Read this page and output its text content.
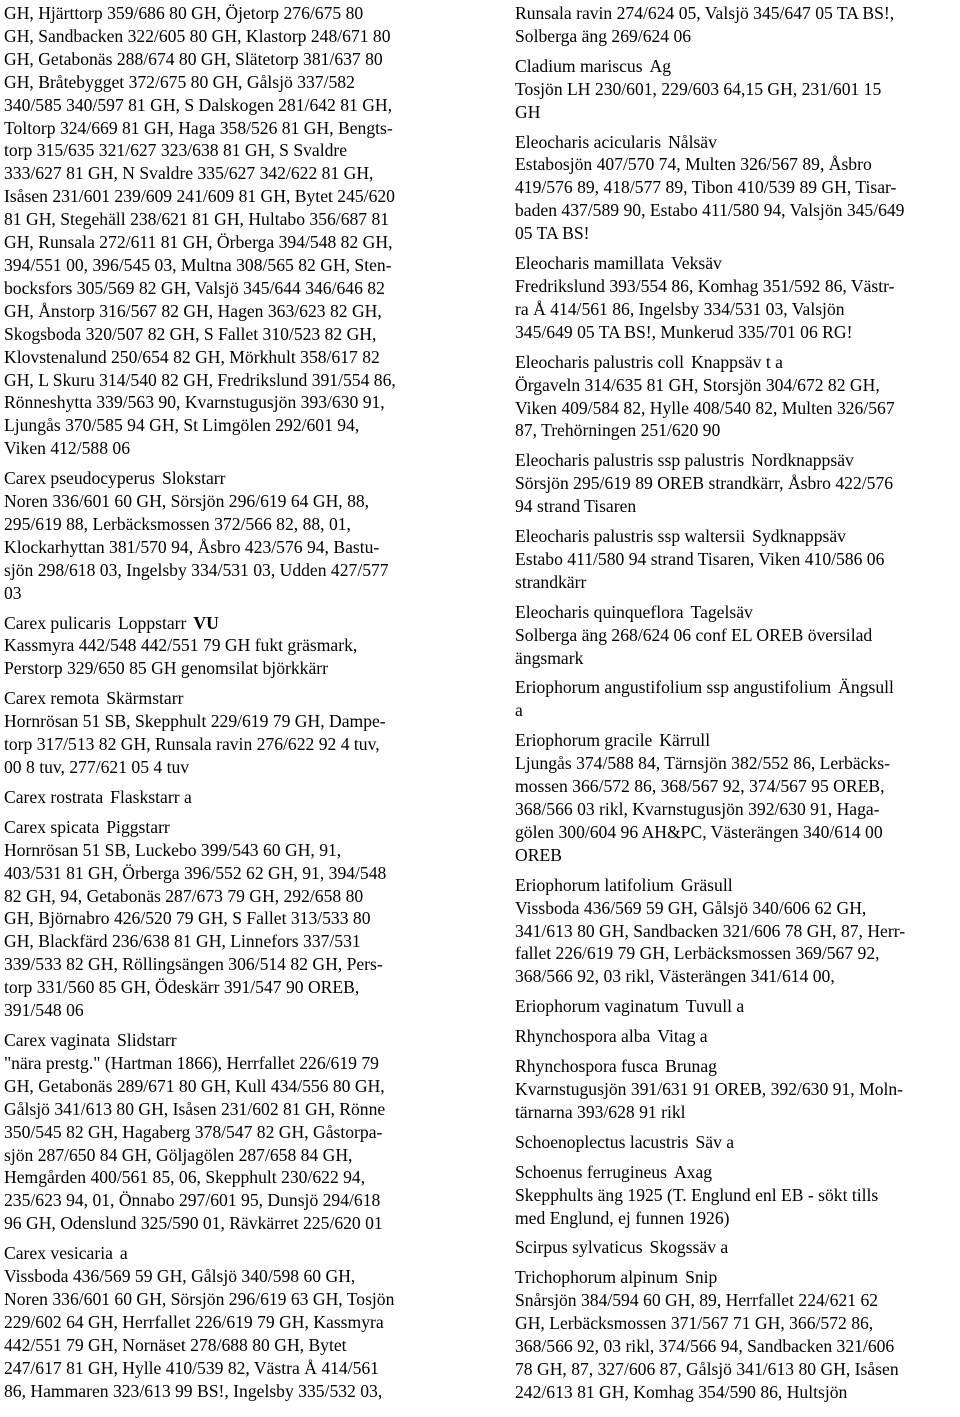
GH, Hjärttorp 359/686 80 GH, Öjetorp 276/675 80
GH, Sandbacken 322/605 80 GH, Klastorp 248/671 80
GH, Getabonäs 288/674 80 GH, Slätetorp 381/637 80
GH, Bråtebygget 372/675 80 GH, Gålsjö 337/582
340/585 340/597 81 GH, S Dalskogen 281/642 81 GH,
Toltorp 324/669 81 GH, Haga 358/526 81 GH, Bengts-
torp 315/635 321/627 323/638 81 GH, S Svaldre
333/627 81 GH, N Svaldre 335/627 342/622 81 GH,
Isåsen 231/601 239/609 241/609 81 GH, Bytet 245/620
81 GH, Stegehäll 238/621 81 GH, Hultabo 356/687 81
GH, Runsala 272/611 81 GH, Örberga 394/548 82 GH,
394/551 00, 396/545 03, Multna 308/565 82 GH, Sten-
bocksfors 305/569 82 GH, Valsjö 345/644 346/646 82
GH, Ånstorp 316/567 82 GH, Hagen 363/623 82 GH,
Skogsboda 320/507 82 GH, S Fallet 310/523 82 GH,
Klovstenalund 250/654 82 GH, Mörkhult 358/617 82
GH, L Skuru 314/540 82 GH, Fredrikslund 391/554 86,
Rönneshytta 339/563 90, Kvarnstugusjön 393/630 91,
Ljungås 370/585 94 GH, St Limgölen 292/601 94,
Viken 412/588 06
Carex pseudocyperus Slokstarr
Noren 336/601 60 GH, Sörsjön 296/619 64 GH, 88,
295/619 88, Lerbäcksmossen 372/566 82, 88, 01,
Klockarhyttan 381/570 94, Åsbro 423/576 94, Bastu-
sjön 298/618 03, Ingelsby 334/531 03, Udden 427/577
03
Carex pulicaris Loppstarr VU
Kassmyra 442/548 442/551 79 GH fukt gräsmark,
Perstorp 329/650 85 GH genomsilat björkkärr
Carex remota Skärmstarr
Hornrösan 51 SB, Skepphult 229/619 79 GH, Dampe-
torp 317/513 82 GH, Runsala ravin 276/622 92 4 tuv,
00 8 tuv, 277/621 05 4 tuv
Carex rostrata Flaskstarr a
Carex spicata Piggstarr
Hornrösan 51 SB, Luckebo 399/543 60 GH, 91,
403/531 81 GH, Örberga 396/552 62 GH, 91, 394/548
82 GH, 94, Getabonäs 287/673 79 GH, 292/658 80
GH, Björnabro 426/520 79 GH, S Fallet 313/533 80
GH, Blackfärd 236/638 81 GH, Linnefors 337/531
339/533 82 GH, Röllingsängen 306/514 82 GH, Pers-
torp 331/560 85 GH, Ödeskärr 391/547 90 OREB,
391/548 06
Carex vaginata Slidstarr
"nära prestg." (Hartman 1866), Herrfallet 226/619 79
GH, Getabonäs 289/671 80 GH, Kull 434/556 80 GH,
Gålsjö 341/613 80 GH, Isåsen 231/602 81 GH, Rönne
350/545 82 GH, Hagaberg 378/547 82 GH, Gåstorpa-
sjön 287/650 84 GH, Göljagölen 287/658 84 GH,
Hemgården 400/561 85, 06, Skepphult 230/622 94,
235/623 94, 01, Önnabo 297/601 95, Dunsjö 294/618
96 GH, Odenslund 325/590 01, Rävkärret 225/620 01
Carex vesicaria a
Vissboda 436/569 59 GH, Gålsjö 340/598 60 GH,
Noren 336/601 60 GH, Sörsjön 296/619 63 GH, Tosjön
229/602 64 GH, Herrfallet 226/619 79 GH, Kassmyra
442/551 79 GH, Nornäset 278/688 80 GH, Bytet
247/617 81 GH, Hylle 410/539 82, Västra Å 414/561
86, Hammaren 323/613 99 BS!, Ingelsby 335/532 03,
Runsala ravin 274/624 05, Valsjö 345/647 05 TA BS!,
Solberga äng 269/624 06
Cladium mariscus Ag
Tosjön LH 230/601, 229/603 64,15 GH, 231/601 15
GH
Eleocharis acicularis Nålsäv
Estabosjön 407/570 74, Multen 326/567 89, Åsbro
419/576 89, 418/577 89, Tibon 410/539 89 GH, Tisar-
baden 437/589 90, Estabo 411/580 94, Valsjön 345/649
05 TA BS!
Eleocharis mamillata Veksäv
Fredrikslund 393/554 86, Komhag 351/592 86, Västr-
ra Å 414/561 86, Ingelsby 334/531 03, Valsjön
345/649 05 TA BS!, Munkerud 335/701 06 RG!
Eleocharis palustris coll Knappsäv t a
Örgaveln 314/635 81 GH, Storsjön 304/672 82 GH,
Viken 409/584 82, Hylle 408/540 82, Multen 326/567
87, Trehörningen 251/620 90
Eleocharis palustris ssp palustris Nordknappsäv
Sörsjön 295/619 89 OREB strandkärr, Åsbro 422/576
94 strand Tisaren
Eleocharis palustris ssp waltersii Sydknappsäv
Estabo 411/580 94 strand Tisaren, Viken 410/586 06
strandkärr
Eleocharis quinqueflora Tagelsäv
Solberga äng 268/624 06 conf EL OREB översilad
ängsmark
Eriophorum angustifolium ssp angustifolium Ängsull
a
Eriophorum gracile Kärrull
Ljungås 374/588 84, Tärnsjön 382/552 86, Lerbäcks-
mossen 366/572 86, 368/567 92, 374/567 95 OREB,
368/566 03 rikl, Kvarnstugusjön 392/630 91, Haga-
gölen 300/604 96 AH&PC, Västerängen 340/614 00
OREB
Eriophorum latifolium Gräsull
Vissboda 436/569 59 GH, Gålsjö 340/606 62 GH,
341/613 80 GH, Sandbacken 321/606 78 GH, 87, Herr-
fallet 226/619 79 GH, Lerbäcksmossen 369/567 92,
368/566 92, 03 rikl, Västerängen 341/614 00,
Eriophorum vaginatum Tuvull a
Rhynchospora alba Vitag a
Rhynchospora fusca Brunag
Kvarnstugusjön 391/631 91 OREB, 392/630 91, Moln-
tärnarna 393/628 91 rikl
Schoenoplectus lacustris Säv a
Schoenus ferrugineus Axag
Skepphults äng 1925 (T. Englund enl EB - sökt tills
med Englund, ej funnen 1926)
Scirpus sylvaticus Skogssäv a
Trichophorum alpinum Snip
Snårsjön 384/594 60 GH, 89, Herrfallet 224/621 62
GH, Lerbäcksmossen 371/567 71 GH, 366/572 86,
368/566 92, 03 rikl, 374/566 94, Sandbacken 321/606
78 GH, 87, 327/606 87, Gålsjö 341/613 80 GH, Isåsen
242/613 81 GH, Komhag 354/590 86, Hultsjön
